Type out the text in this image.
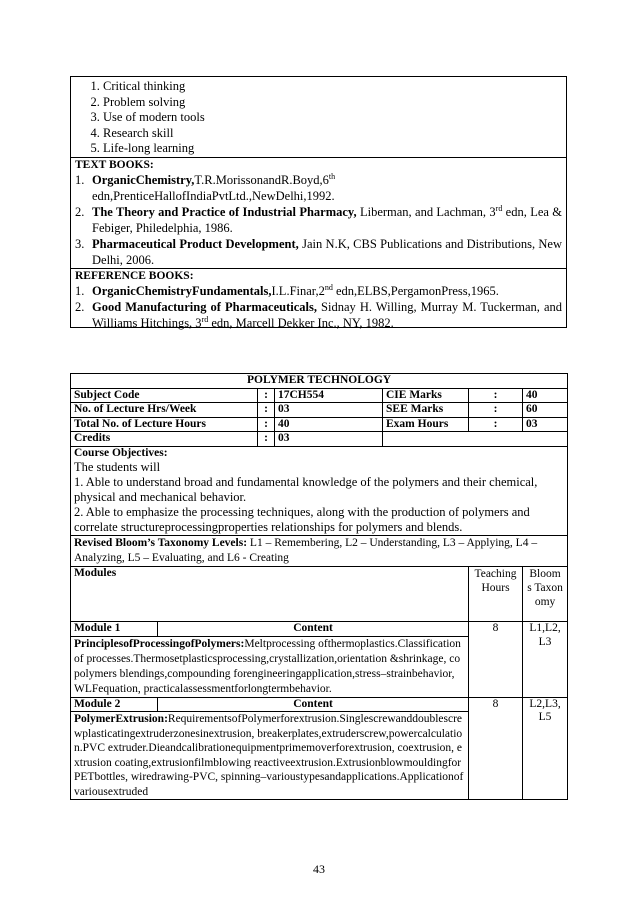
1. Critical thinking
2. Problem solving
3. Use of modern tools
4. Research skill
5. Life-long learning
TEXT BOOKS:
1. OrganicChemistry,T.R.MorissonandR.Boyd,6th edn,PrenticeHallofIndiaPvtLtd.,NewDelhi,1992.
2. The Theory and Practice of Industrial Pharmacy, Liberman, and Lachman, 3rd edn, Lea & Febiger, Philedelphia, 1986.
3. Pharmaceutical Product Development, Jain N.K, CBS Publications and Distributions, New Delhi, 2006.
REFERENCE BOOKS:
1. OrganicChemistryFundamentals,I.L.Finar,2nd edn,ELBS,PergamonPress,1965.
2. Good Manufacturing of Pharmaceuticals, Sidnay H. Willing, Murray M. Tuckerman, and Williams Hitchings, 3rd edn, Marcell Dekker Inc., NY, 1982.
POLYMER TECHNOLOGY						
Subject Code		:	17CH554	CIE Marks	:	40
No. of Lecture Hrs/Week		:	03	SEE Marks	:	60
Total No. of Lecture Hours		:	40	Exam Hours	:	03
Credits		:	03			

Course Objectives:
The students will
1. Able to understand broad and fundamental knowledge of the polymers and their chemical, physical and mechanical behavior.
2. Able to emphasize the processing techniques, along with the production of polymers and correlate structureprocessingproperties relationships for polymers and blends.						

Revised Bloom’s Taxonomy Levels: L1 – Remembering, L2 – Understanding, L3 – Applying, L4 – Analyzing, L5 – Evaluating, and L6 - Creating						
Modules					Teaching Hours	Bloom s Taxonomy
Module 1	Content				8	L1,L2, L3
PrinciplesofProcessingofPolymers:Meltprocessing ofthermoplastics.Classificationof processes.Thermosetplasticsprocessing,crystallization,orientation &shrinkage, copolymers blendings,compounding forengineeringapplication,stress–strainbehavior,WLFequation, practicalassessmentforlongtermbehavior.						
Module 2	Content				8	L2,L3, L5
PolymerExtrusion:RequirementsofPolymerforextrusion.Singlescrewanddoublescrewplasticatingextruderzonesinextrusion, breakerplates,extruderscrew,powercalculation.PVC extruder.Dieandcalibrationequipmentprimemoverforextrusion, coextrusion, extrusion coating,extrusionfilmblowing reactiveextrusion.ExtrusionblowmouldingforPETbottles, wiredrawing-PVC, spinning–varioustypesandapplications.Applicationofvariousextruded						
43
